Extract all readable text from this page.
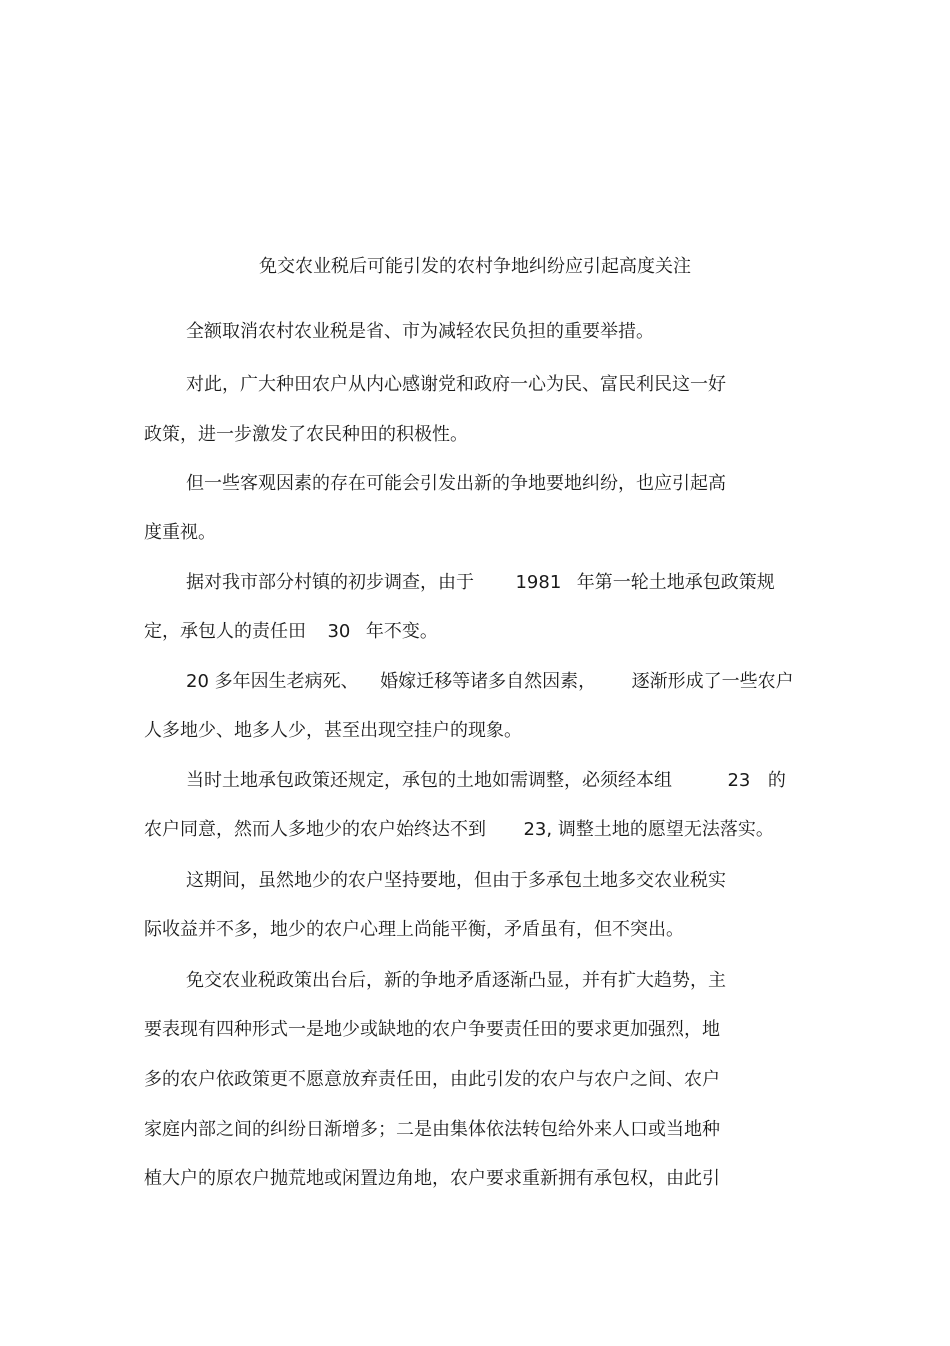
免交农业税后可能引发的农村争地纠纷应引起高度关注
全额取消农村农业税是省、市为减轻农民负担的重要举措。
对此，广大种田农户从内心感谢党和政府一心为民、富民利民这一好
政策，进一步激发了农民种田的积极性。
但一些客观因素的存在可能会引发出新的争地要地纠纷，也应引起高
度重视。
据对我市部分村镇的初步调查，由于 1981 年第一轮土地承包政策规
定，承包人的责任田 30 年不变。
20 多年因生老病死、 婚嫁迁移等诸多自然因素， 逐渐形成了一些农户
人多地少、地多人少，甚至出现空挂户的现象。
当时土地承包政策还规定，承包的土地如需调整，必须经本组	23 的
农户同意，然而人多地少的农户始终达不到 23, 调整土地的愿望无法落实。
这期间，虽然地少的农户坚持要地，但由于多承包土地多交农业税实
际收益并不多，地少的农户心理上尚能平衡，矛盾虽有，但不突出。
免交农业税政策出台后，新的争地矛盾逐渐凸显，并有扩大趋势，主
要表现有四种形式一是地少或缺地的农户争要责任田的要求更加强烈，地
多的农户依政策更不愿意放弃责任田，由此引发的农户与农户之间、农户
家庭内部之间的纠纷日渐增多；二是由集体依法转包给外来人口或当地种
植大户的原农户抛荒地或闲置边角地，农户要求重新拥有承包权，由此引
